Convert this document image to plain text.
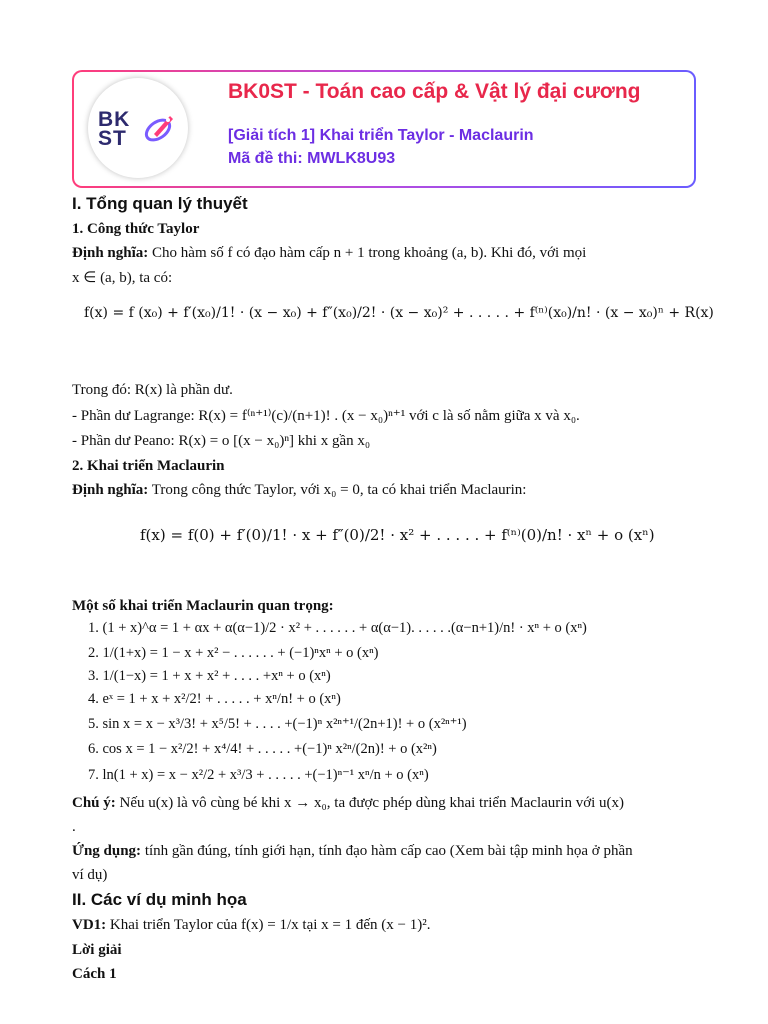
BK
ST
BK0ST - Toán cao cấp & Vật lý đại cương
[Giải tích 1] Khai triển Taylor - Maclaurin
Mã đề thi: MWLK8U93
I. Tổng quan lý thuyết
1. Công thức Taylor
Định nghĩa: Cho hàm số f có đạo hàm cấp n + 1 trong khoảng (a, b). Khi đó, với mọi
x ∈ (a, b), ta có:
f(x) = f (x₀) + f′(x₀)/1! · (x − x₀) + f″(x₀)/2! · (x − x₀)² + . . . . . + f⁽ⁿ⁾(x₀)/n! · (x − x₀)ⁿ + R(x)
Trong đó: R(x) là phần dư.
- Phần dư Lagrange: R(x) = f⁽ⁿ⁺¹⁾(c)/(n+1)! . (x − x₀)ⁿ⁺¹ với c là số nằm giữa x và x₀.
- Phần dư Peano: R(x) = o [(x − x₀)ⁿ] khi x gần x₀
2. Khai triển Maclaurin
Định nghĩa: Trong công thức Taylor, với x₀ = 0, ta có khai triển Maclaurin:
f(x) = f(0) + f′(0)/1! · x + f″(0)/2! · x² + . . . . . + f⁽ⁿ⁾(0)/n! · xⁿ + o (xⁿ)
Một số khai triển Maclaurin quan trọng:
1. (1 + x)^α = 1 + αx + α(α−1)/2 · x² + . . . . . . + α(α−1). . . . . .(α−n+1)/n! · xⁿ + o (xⁿ)
2. 1/(1+x) = 1 − x + x² − . . . . . . + (−1)ⁿxⁿ + o (xⁿ)
3. 1/(1−x) = 1 + x + x² + . . . . +xⁿ + o (xⁿ)
4. eˣ = 1 + x + x²/2! + . . . . . + xⁿ/n! + o (xⁿ)
5. sin x = x − x³/3! + x⁵/5! + . . . . +(−1)ⁿ x²ⁿ⁺¹/(2n+1)! + o (x²ⁿ⁺¹)
6. cos x = 1 − x²/2! + x⁴/4! + . . . . . +(−1)ⁿ x²ⁿ/(2n)! + o (x²ⁿ)
7. ln(1 + x) = x − x²/2 + x³/3 + . . . . . +(−1)ⁿ⁻¹ xⁿ/n + o (xⁿ)
Chú ý: Nếu u(x) là vô cùng bé khi x → x₀, ta được phép dùng khai triển Maclaurin với u(x)
.
Ứng dụng: tính gần đúng, tính giới hạn, tính đạo hàm cấp cao (Xem bài tập minh họa ở phần
ví dụ)
II. Các ví dụ minh họa
VD1: Khai triển Taylor của f(x) = 1/x tại x = 1 đến (x − 1)².
Lời giải
Cách 1
